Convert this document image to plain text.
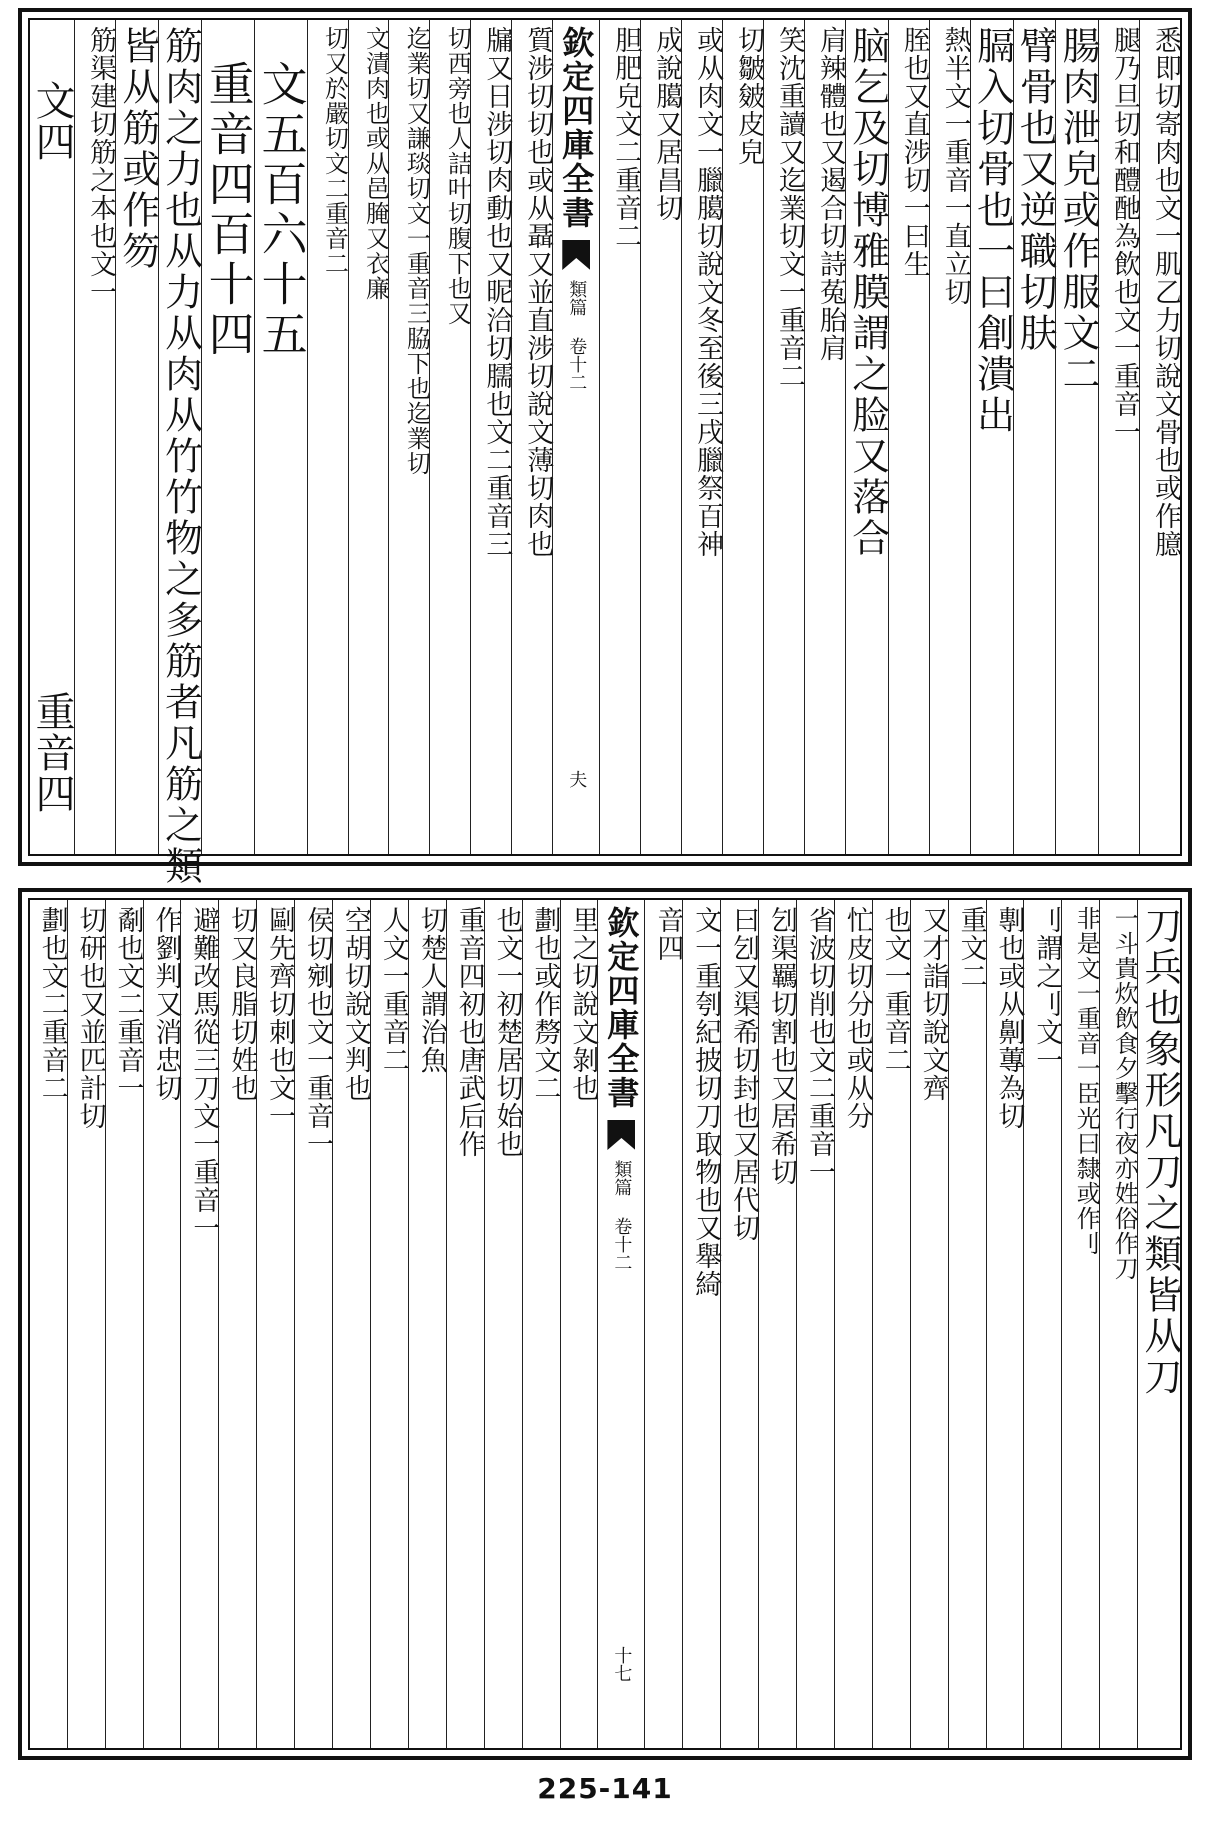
悉即切寄肉也文一肌乙力切說文骨也或作臆
腿乃旦切和醴酏為飲也文一重音一
腸肉泄皃或作服文二
臂骨也又逆職切肤
膈入切骨也一曰創潰出
熱半文一重音一直立切
胵也又直涉切一曰生
脑乞及切博雅膜謂之脸又落合
肩辣體也又遏合切詩菟胎肩
笑沈重讀又迄業切文一重音二
切皺皴皮皃
或从肉文一臘臈切說文冬至後三戌臘祭百神
成說臈又居昌切
胆肥皃文二重音二
欽定四庫全書
類篇 卷十二
夫
質涉切切也或从聶又並直涉切說文薄切肉也
牖又日涉切肉動也又昵洽切臑也文二重音三
切西旁也人詰叶切腹下也又
迄業切又謙琰切文一重音三脇下也迄業切
文漬肉也或从邑腌又衣廉
切又於嚴切文二重音二
文五百六十五
重音四百十四
筋肉之力也从力从肉从竹竹物之多筋者凡筋之類
皆从筋或作笏
筋渠建切筋之本也文一
文四
重音四
刀兵也象形凡刀之類皆从刀
一斗貴炊飲食夕擊行夜亦姓俗作刀
非是文一重音一臣光曰隸或作刂
刂謂之刂文一
剸也或从劓蓴為切
重文二
又才詣切說文齊
也文一重音二
忙皮切分也或从分
省波切削也文二重音一
刉渠羈切割也又居希切
曰刉又渠希切封也又居代切
文一重刳紀披切刀取物也又舉綺
音四
欽定四庫全書
類篇 卷十二
十七
里之切說文剝也
劃也或作剺文二
也文一初楚居切始也
重音四初也唐武后作
切楚人謂治魚
人文一重音二
空胡切說文判也
侯切剜也文一重音一
剾先齊切刺也文一
切又良脂切姓也
避難改馬從三刀文一重音一
作劉判又消忠切
劀也文二重音一
切研也又並匹計切
劃也文二重音二
225-141
